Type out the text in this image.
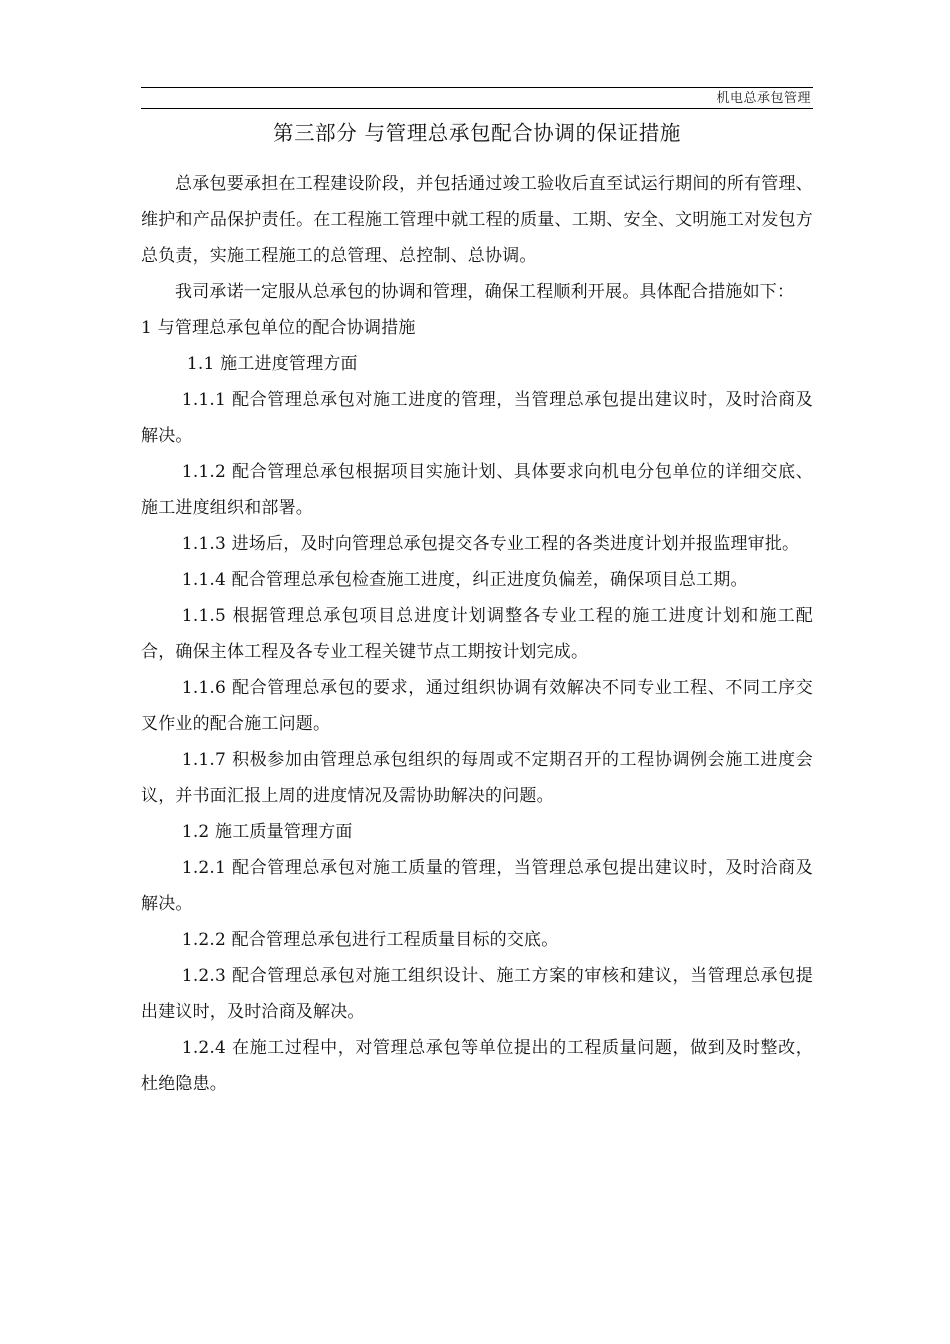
机电总承包管理
第三部分 与管理总承包配合协调的保证措施

总承包要承担在工程建设阶段，并包括通过竣工验收后直至试运行期间的所有管理、维护和产品保护责任。在工程施工管理中就工程的质量、工期、安全、文明施工对发包方总负责，实施工程施工的总管理、总控制、总协调。

我司承诺一定服从总承包的协调和管理，确保工程顺利开展。具体配合措施如下：

1 与管理总承包单位的配合协调措施

1.1 施工进度管理方面

1.1.1 配合管理总承包对施工进度的管理，当管理总承包提出建议时，及时洽商及解决。

1.1.2 配合管理总承包根据项目实施计划、具体要求向机电分包单位的详细交底、施工进度组织和部署。

1.1.3 进场后，及时向管理总承包提交各专业工程的各类进度计划并报监理审批。

1.1.4 配合管理总承包检查施工进度，纠正进度负偏差，确保项目总工期。

1.1.5 根据管理总承包项目总进度计划调整各专业工程的施工进度计划和施工配合，确保主体工程及各专业工程关键节点工期按计划完成。

1.1.6 配合管理总承包的要求，通过组织协调有效解决不同专业工程、不同工序交叉作业的配合施工问题。

1.1.7 积极参加由管理总承包组织的每周或不定期召开的工程协调例会施工进度会议，并书面汇报上周的进度情况及需协助解决的问题。

1.2 施工质量管理方面

1.2.1 配合管理总承包对施工质量的管理，当管理总承包提出建议时，及时洽商及解决。

1.2.2 配合管理总承包进行工程质量目标的交底。

1.2.3 配合管理总承包对施工组织设计、施工方案的审核和建议，当管理总承包提出建议时，及时洽商及解决。

1.2.4 在施工过程中，对管理总承包等单位提出的工程质量问题，做到及时整改，杜绝隐患。
